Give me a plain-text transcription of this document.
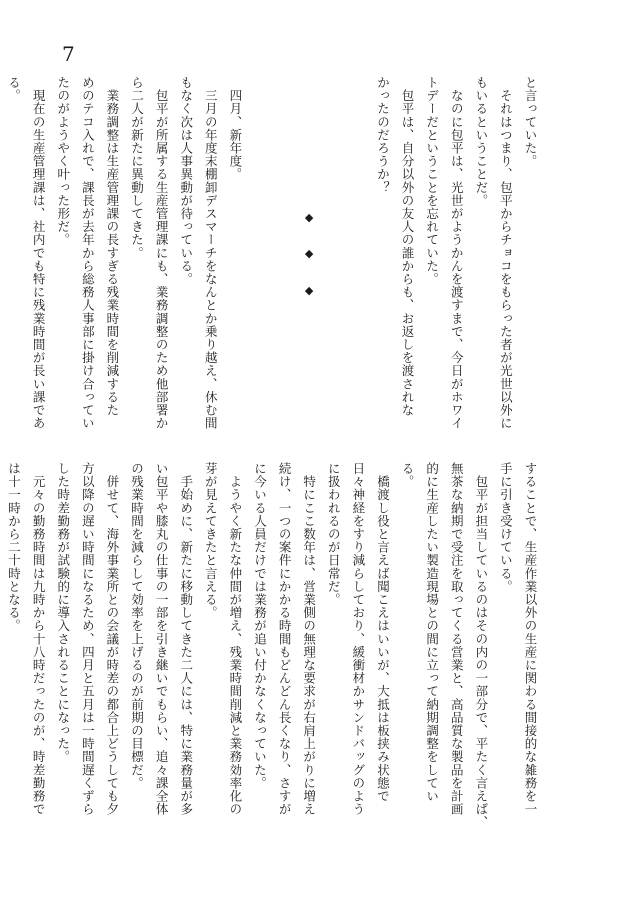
7
と言っていた。
　それはつまり、包平からチョコをもらった者が光世以外に
もいるということだ。
　なのに包平は、光世がようかんを渡すまで、今日がホワイ
トデーだということを忘れていた。
　包平は、自分以外の友人の誰からも、お返しを渡されな
かったのだろうか？
◆ ◆ ◆
　四月、新年度。
　三月の年度末棚卸デスマーチをなんとか乗り越え、休む間
もなく次は人事異動が待っている。
　包平が所属する生産管理課にも、業務調整のため他部署か
ら二人が新たに異動してきた。
　業務調整は生産管理課の長すぎる残業時間を削減するた
めのテコ入れで、課長が去年から総務人事部に掛け合ってい
たのがようやく叶った形だ。
　現在の生産管理課は、社内でも特に残業時間が長い課であ
る。
することで、生産作業以外の生産に関わる間接的な雑務を一
手に引き受けている。
　包平が担当しているのはその内の一部分で、平たく言えば、
無茶な納期で受注を取ってくる営業と、高品質な製品を計画
的に生産したい製造現場との間に立って納期調整をしてい
る。
　橋渡し役と言えば聞こえはいいが、大抵は板挟み状態で
日々神経をすり減らしており、緩衝材かサンドバッグのよう
に扱われるのが日常だ。
　特にここ数年は、営業側の無理な要求が右肩上がりに増え
続け、一つの案件にかかる時間もどんどん長くなり、さすが
に今いる人員だけでは業務が追い付かなくなっていた。
　ようやく新たな仲間が増え、残業時間削減と業務効率化の
芽が見えてきたと言える。
　手始めに、新たに移動してきた二人には、特に業務量が多
い包平や膝丸の仕事の一部を引き継いでもらい、追々課全体
の残業時間を減らして効率を上げるのが前期の目標だ。
　併せて、海外事業所との会議が時差の都合上どうしても夕
方以降の遅い時間になるため、四月と五月は一時間遅くずら
した時差勤務が試験的に導入されることになった。
　元々の勤務時間は九時から十八時だったのが、時差勤務で
は十一時から二十時となる。
